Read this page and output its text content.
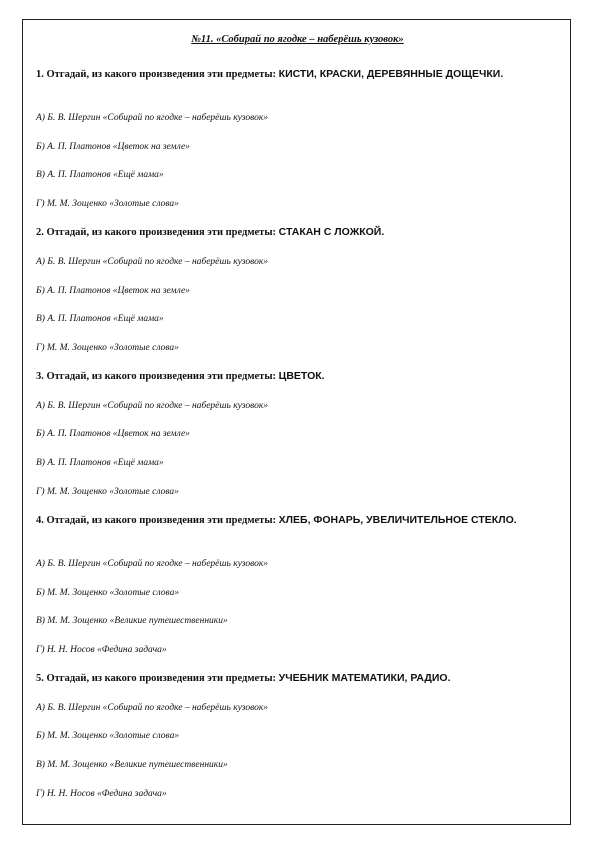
№11. «Собирай по ягодке – наберёшь кузовок»
1. Отгадай, из какого произведения эти предметы: КИСТИ, КРАСКИ, ДЕРЕВЯННЫЕ ДОЩЕЧКИ.
А) Б. В. Шергин «Собирай по ягодке – наберёшь кузовок»
Б) А. П. Платонов «Цветок на земле»
В) А. П. Платонов «Ещё мама»
Г) М. М. Зощенко «Золотые слова»
2. Отгадай, из какого произведения эти предметы: СТАКАН С ЛОЖКОЙ.
А) Б. В. Шергин «Собирай по ягодке – наберёшь кузовок»
Б) А. П. Платонов «Цветок на земле»
В) А. П. Платонов «Ещё мама»
Г) М. М. Зощенко «Золотые слова»
3. Отгадай, из какого произведения эти предметы: ЦВЕТОК.
А) Б. В. Шергин «Собирай по ягодке – наберёшь кузовок»
Б) А. П. Платонов «Цветок на земле»
В) А. П. Платонов «Ещё мама»
Г) М. М. Зощенко «Золотые слова»
4. Отгадай, из какого произведения эти предметы: ХЛЕБ, ФОНАРЬ, УВЕЛИЧИТЕЛЬНОЕ СТЕКЛО.
А) Б. В. Шергин «Собирай по ягодке – наберёшь кузовок»
Б) М. М. Зощенко «Золотые слова»
В) М. М. Зощенко «Великие путешественники»
Г) Н. Н. Носов «Федина задача»
5. Отгадай, из какого произведения эти предметы: УЧЕБНИК МАТЕМАТИКИ, РАДИО.
А) Б. В. Шергин «Собирай по ягодке – наберёшь кузовок»
Б) М. М. Зощенко «Золотые слова»
В) М. М. Зощенко «Великие путешественники»
Г) Н. Н. Носов «Федина задача»
